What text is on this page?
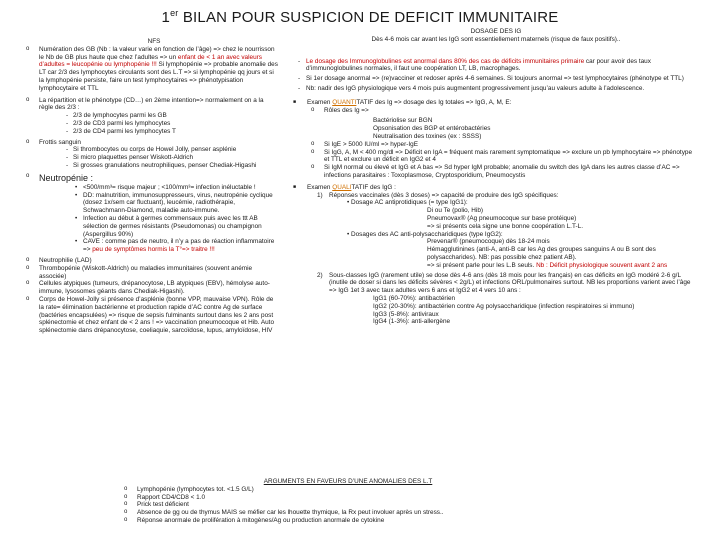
1er BILAN POUR SUSPICION DE DEFICIT IMMUNITAIRE
NFS
o Numération des GB (Nb : la valeur varie en fonction de l’âge) => chez le nourrisson le Nb de GB plus haute que chez l’adultes => un enfant de < 1 an avec valeurs d’adultes = leucopénie ou lymphopénie !!! Si lymphopénie => probable anomalie des LT car 2/3 des lymphocytes circulants sont des L.T => si lymphopénie qq jours et si la lymphopénie persiste, faire un test lymphocytaires => phénotypisation lymphocytaire et TTL
o La répartition et le phénotype (CD…) en 2ème intention=> normalement on a la règle des 2/3 :
- 2/3 de lymphocytes parmi les GB
- 2/3 de CD3 parmi les lymphocytes
- 2/3 de CD4 parmi les lymphocytes T
o Frottis sanguin
- Si thrombocytes ou corps de Howel Jolly, penser asplénie
- Si micro plaquettes penser Wiskott-Aldrich
- Si grosses granulations neutrophiliques, penser Chediak-Higashi
o Neutropénie :
• <500/mm³= risque majeur ; <100/mm³= infection inéluctable !
• DD: malnutrition, immunosuppresseurs, virus, neutropénie cyclique (dosez 1x/sem car fluctuant), leucémie, radiothérapie, Schwachmann-Diamond, maladie auto-immune.
• Infection au début à germes commensaux puis avec les ttt AB sélection de germes résistants (Pseudomonas) ou champignon (Aspergillus 90%)
• CAVE : comme pas de neutro, il n’y a pas de réaction inflammatoire => peu de symptômes hormis la T°=> traitre !!!
o Neutrophilie (LAD)
o Thrombopénie (Wiskott-Aldrich) ou maladies immunitaires (souvent anémie associée)
o Cellules atypiques (tumeurs, drépanocytose, LB atypiques (EBV), hémolyse auto-immune, lysosomes géants dans Chediak-Higashi).
o Corps de Howel-Jolly si présence d’asplénie (bonne VPP, mauvaise VPN). Rôle de la rate= élimination bactérienne et production rapide d’AC contre Ag de surface (bactéries encapsulées) => risque de sepsis fulminants surtout dans les 2 ans post splénectomie et chez enfant de < 2 ans ! => vaccination pneumocoque et Hib. Auto splénectomie dans drépanocytose, coeliaquie, sarcoïdose, lupus, amyloïdose, HIV
DOSAGE DES IG
Dès 4-6 mois car avant les IgG sont essentiellement maternels (risque de faux positifs)..
- Le dosage des Immunoglobulines est anormal dans 80% des cas de déficits immunitaires primaire car pour avoir des taux d’immunoglobulines normales, il faut une coopération LT, LB, macrophages.
- Si 1er dosage anormal => (re)vacciner et redoser après 4-6 semaines. Si toujours anormal => test lymphocytaires (phénotype et TTL)
- Nb: nadir des IgG physiologique vers 4 mois puis augmentent progressivement jusqu’au valeurs adulte à l’adolescence.
■ Examen QUANTITATIF des Ig => dosage des Ig totales => IgG, A, M, E:
o Rôles des Ig =>
Bactériolise sur BGN
Opsonisation des BGP et entérobactéries
Neutralisation des toxines (ex : SSSS)
o Si IgE > 5000 IU/ml => hyper-IgE
o Si IgG, A, M < 400 mg/dl => Déficit en IgA = fréquent mais rarement symptomatique => exclure un pb lymphocytaire => phénotype et TTL et exclure un déficit en IgG2 et 4
o Si IgM normal ou élevé et IgG et A bas => Sd hyper IgM probable; anomalie du switch des IgA dans les autres classe d’AC => infections parasitaires : Toxoplasmose, Cryptosporidium, Pneumocystis
■ Examen QUALITATIF des IgG :
1) Réponses vaccinales (dès 3 doses) => capacité de produire des IgG spécifiques:
• Dosage AC antiprotidiques (= type IgG1):
Di ou Te (polio, Hib)
Pneumovax® (Ag pneumocoque sur base protéique)
=> si présents cela signe une bonne coopération L.T-L.
• Dosages des AC anti-polysaccharidiques (type IgG2):
Prevenar® (pneumocoque) dès 18-24 mois
Hémagglutinines (anti-A, anti-B car les Ag des groupes sanguins A ou B sont des polysaccharides). NB: pas possible chez patient AB).
=> si présent parle pour les L.B seuls. Nb : Déficit physiologique souvent avant 2 ans
2) Sous-classes IgG (rarement utile) se dose dès 4-6 ans (dès 18 mois pour les français) en cas déficits en IgG modéré 2-6 g/L (inutile de doser si dans les déficits sévères < 2g/L) et infections ORL/pulmonaires surtout. NB les proportions varient avec l’âge => IgG 1et 3 avec taux adultes vers 6 ans et IgG2 et 4 vers 10 ans :
IgG1 (60-70%): antibactérien
IgG2 (20-30%): antibactérien contre Ag polysaccharidique (infection respiratoires si immuno)
IgG3 (5-8%): antiviraux
IgG4 (1-3%): anti-allergène
ARGUMENTS EN FAVEURS D’UNE ANOMALIES DES L.T
o Lymphopénie (lymphocytes tot. <1.5 G/L)
o Rapport CD4/CD8 < 1.0
o Prick test déficient
o Absence de gg ou de thymus MAIS se méfier car les lhouette thymique, la Rx peut involuer après un stress..
o Réponse anormale de prolifération à mitogènes/Ag ou production anormale de cytokine
